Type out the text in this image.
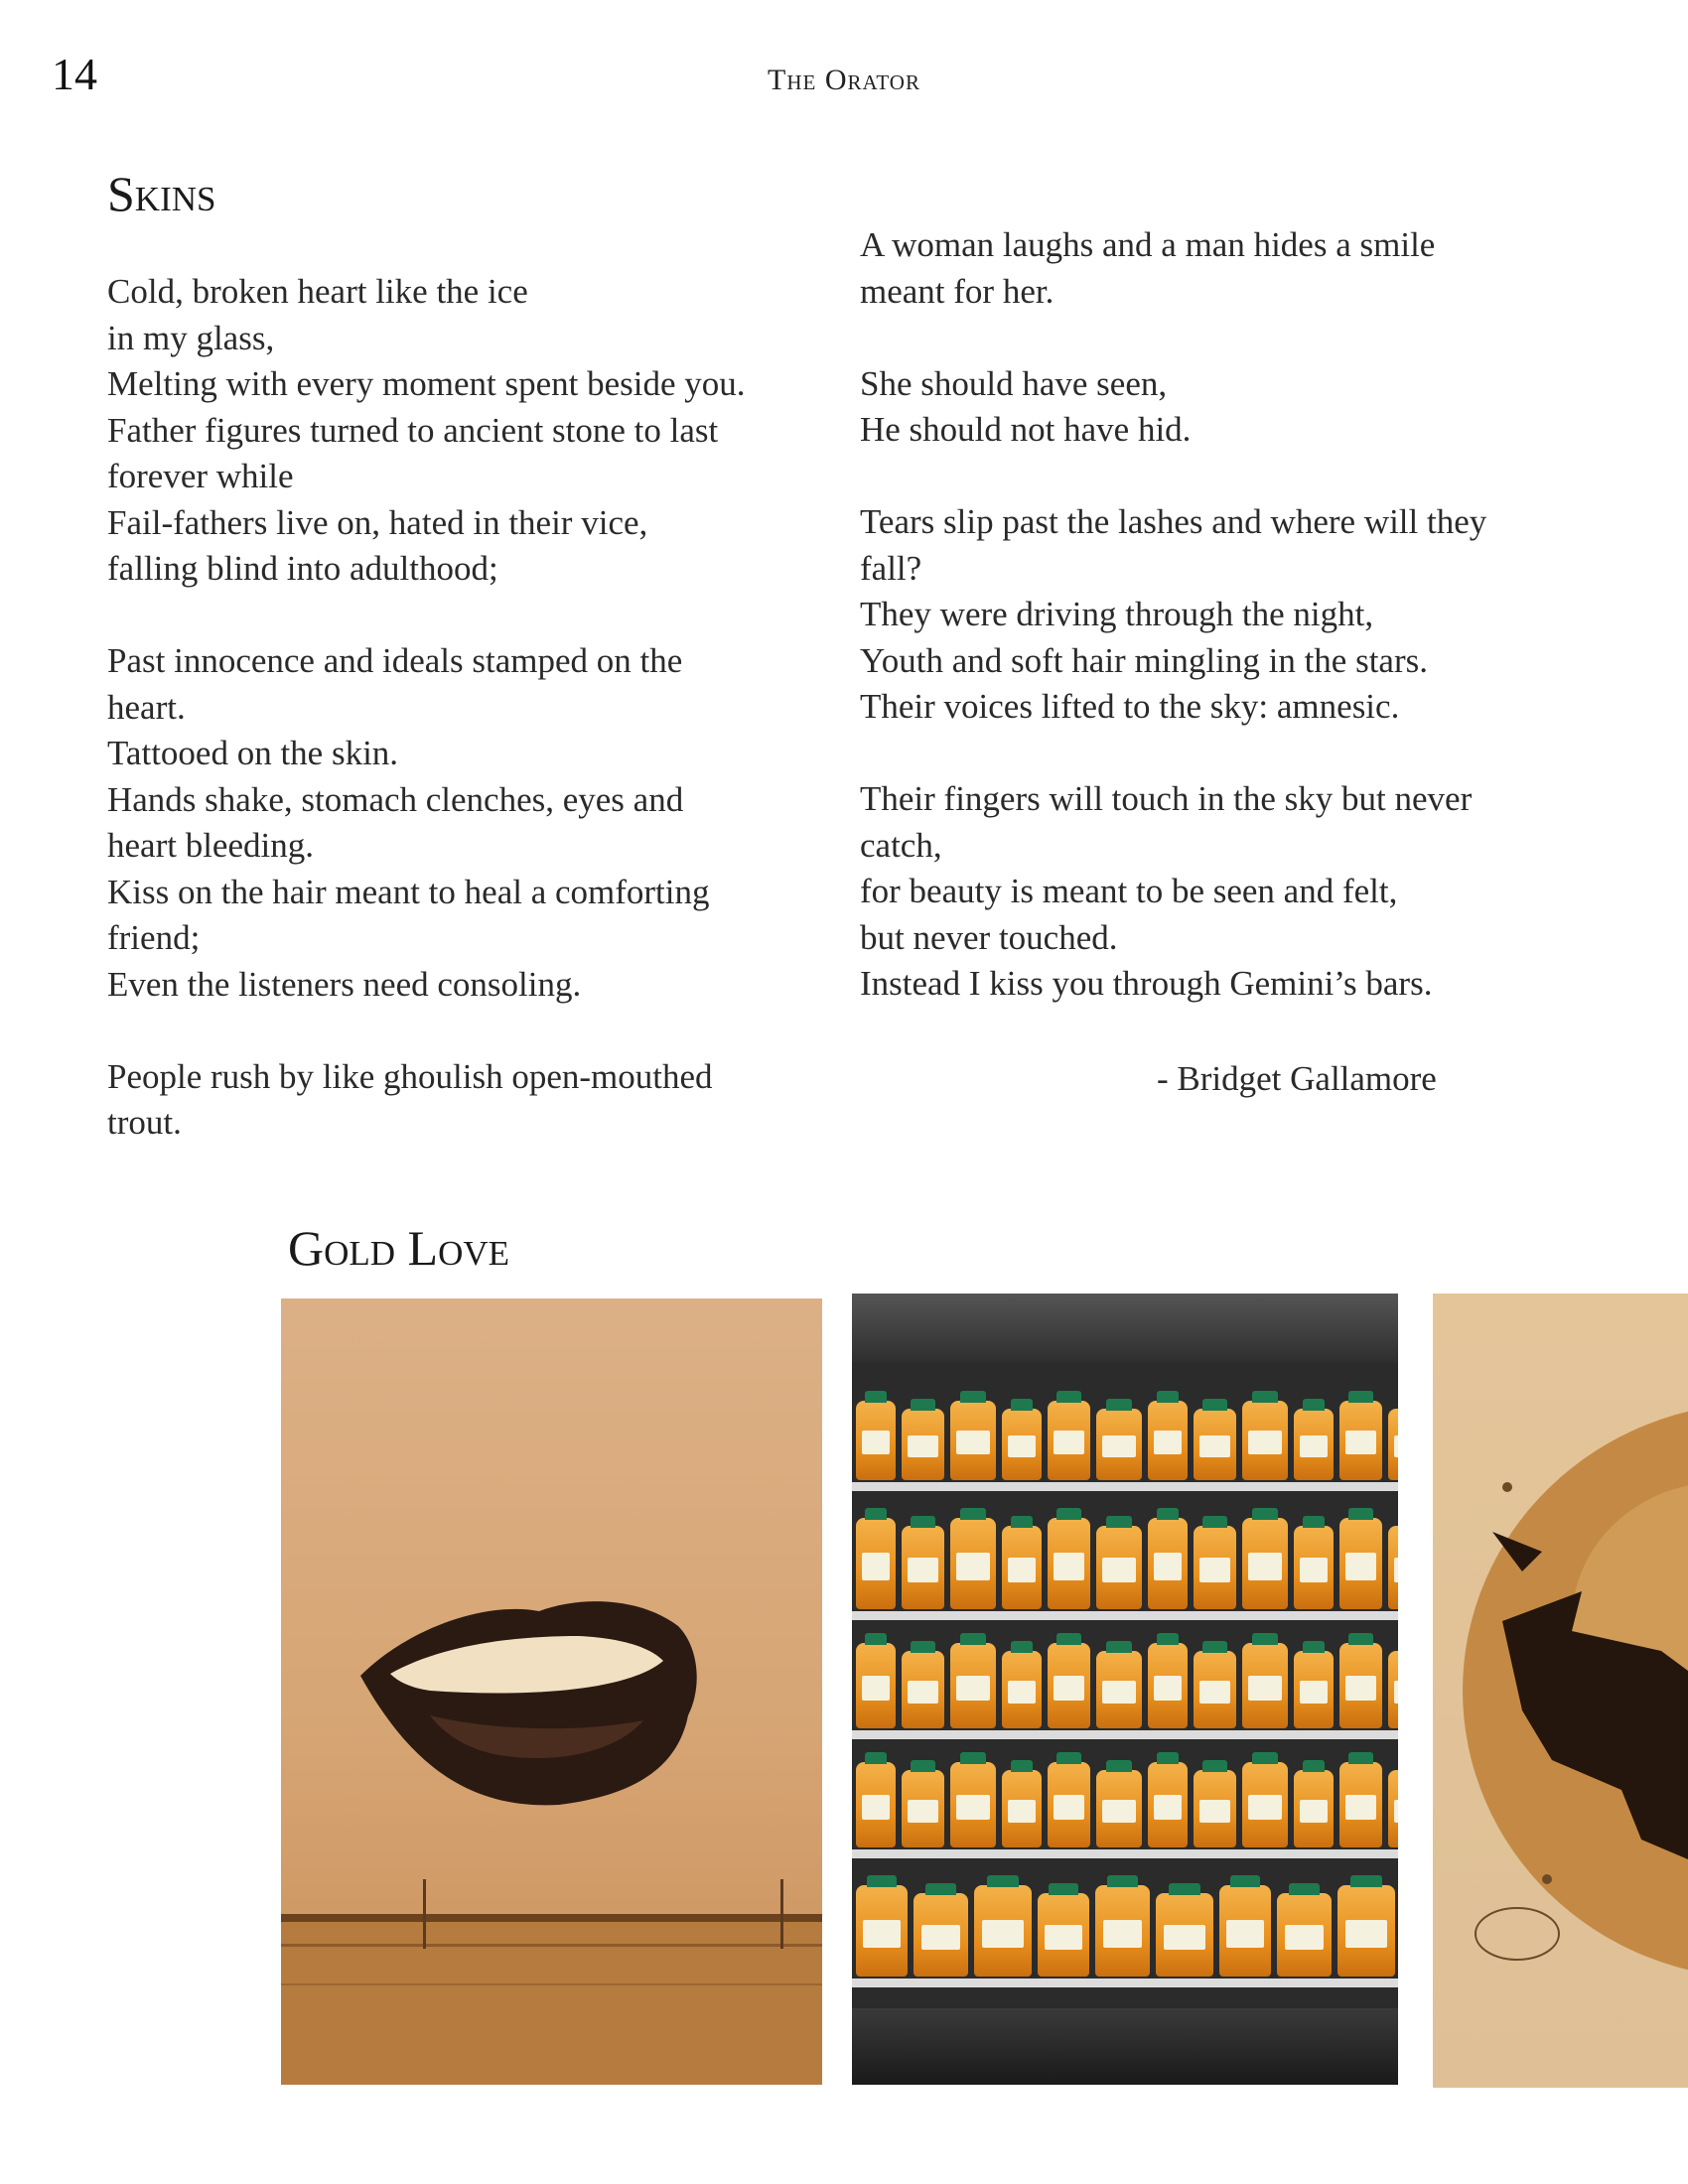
14	The Orator
Skins
Cold, broken heart like the ice
in my glass,
Melting with every moment spent beside you.
Father figures turned to ancient stone to last
forever while
Fail-fathers live on, hated in their vice,
falling blind into adulthood;
Past innocence and ideals stamped on the
heart.
Tattooed on the skin.
Hands shake, stomach clenches, eyes and
heart bleeding.
Kiss on the hair meant to heal a comforting
friend;
Even the listeners need consoling.
People rush by like ghoulish open-mouthed
trout.
A woman laughs and a man hides a smile
meant for her.
She should have seen,
He should not have hid.
Tears slip past the lashes and where will they
fall?
They were driving through the night,
Youth and soft hair mingling in the stars.
Their voices lifted to the sky: amnesic.
Their fingers will touch in the sky but never
catch,
for beauty is meant to be seen and felt,
but never touched.
Instead I kiss you through Gemini’s bars.
- Bridget Gallamore
Gold Love
